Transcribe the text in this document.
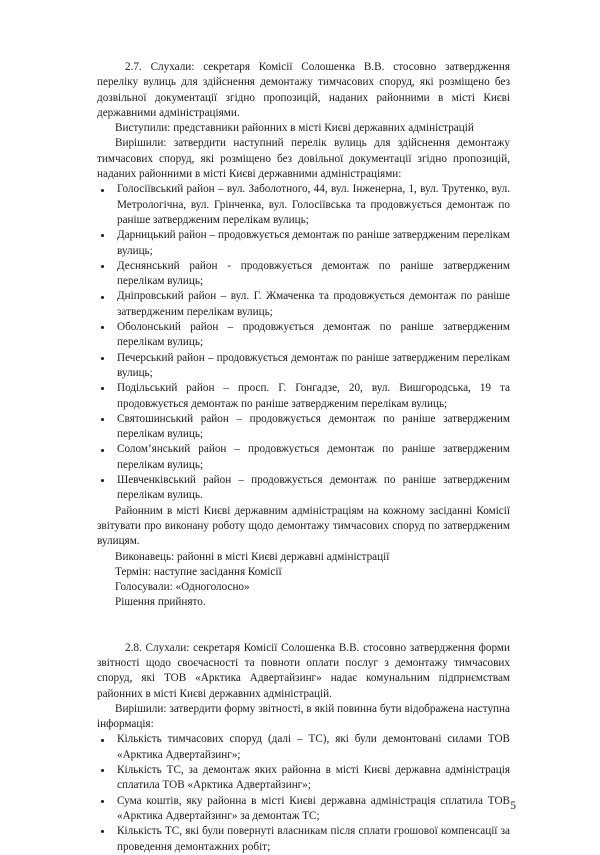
2.7. Слухали: секретаря Комісії Солошенка В.В. стосовно затвердження переліку вулиць для здійснення демонтажу тимчасових споруд, які розміщено без дозвільної документації згідно пропозицій, наданих районними в місті Києві державними адміністраціями.

Виступили: представники районних в місті Києві державних адміністрацій

Вирішили: затвердити наступний перелік вулиць для здійснення демонтажу тимчасових споруд, які розміщено без довільної документації згідно пропозицій, наданих районними в місті Києві державними адміністраціями:

Голосіївський район – вул. Заболотного, 44, вул. Інженерна, 1, вул. Трутенко, вул. Метрологічна, вул. Грінченка, вул. Голосіївська та продовжується демонтаж по раніше затвердженим перелікам вулиць;
Дарницький район – продовжується демонтаж по раніше затвердженим перелікам вулиць;
Деснянський район - продовжується демонтаж по раніше затвердженим перелікам вулиць;
Дніпровський район – вул. Г. Жмаченка та продовжується демонтаж по раніше затвердженим перелікам вулиць;
Оболонський район – продовжується демонтаж по раніше затвердженим перелікам вулиць;
Печерський район – продовжується демонтаж по раніше затвердженим перелікам вулиць;
Подільський район – просп. Г. Гонгадзе, 20, вул. Вишгородська, 19 та продовжується демонтаж по раніше затвердженим перелікам вулиць;
Святошинський район – продовжується демонтаж по раніше затвердженим перелікам вулиць;
Солом’янський район – продовжується демонтаж по раніше затвердженим перелікам вулиць;
Шевченківський район – продовжується демонтаж по раніше затвердженим перелікам вулиць.

Районним в місті Києві державним адміністраціям на кожному засіданні Комісії звітувати про виконану роботу щодо демонтажу тимчасових споруд по затвердженим вулицям.

Виконавець: районні в місті Києві державні адміністрації

Термін: наступне засідання Комісії

Голосували: «Одноголосно»

Рішення прийнято.

2.8. Слухали: секретаря Комісії Солошенка В.В. стосовно затвердження форми звітності щодо своєчасності та повноти оплати послуг з демонтажу тимчасових споруд, які ТОВ «Арктика Адвертайзинг» надає комунальним підприємствам районних в місті Києві державних адміністрацій.

Вирішили: затвердити форму звітності, в якій повинна бути відображена наступна інформація:

Кількість тимчасових споруд (далі – ТС), які були демонтовані силами ТОВ «Арктика Адвертайзинг»;
Кількість ТС, за демонтаж яких районна в місті Києві державна адміністрація сплатила ТОВ «Арктика Адвертайзинг»;
Сума коштів, яку районна в місті Києві державна адміністрація сплатила ТОВ «Арктика Адвертайзинг» за демонтаж ТС;
Кількість ТС, які були повернуті власникам після сплати грошової компенсації за проведення демонтажних робіт;
5
